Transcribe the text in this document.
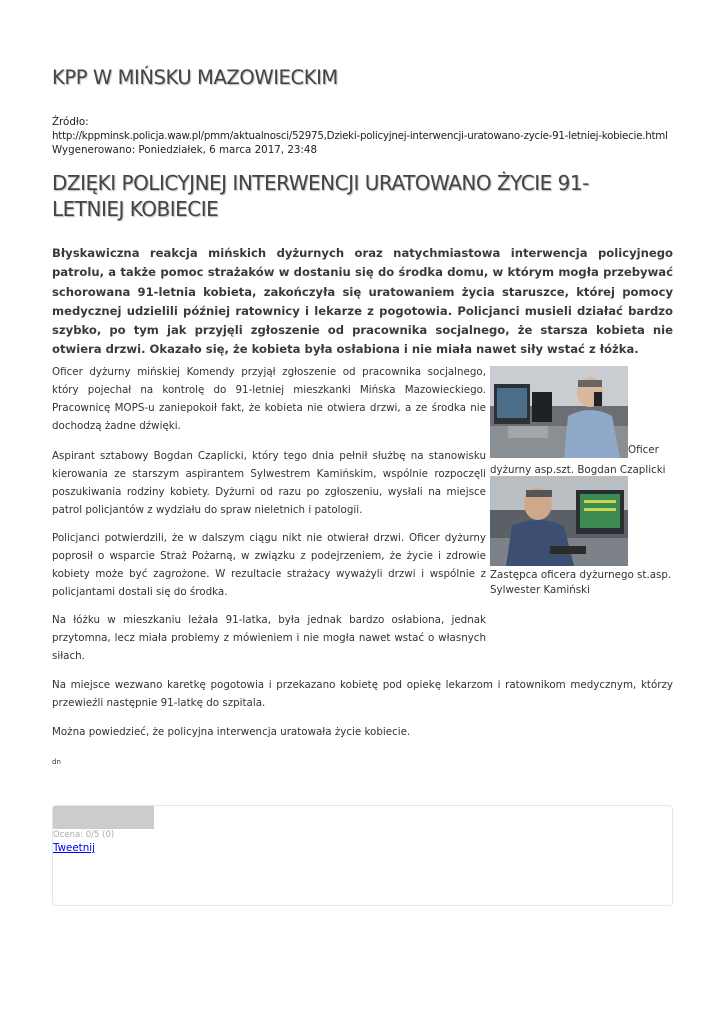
KPP W MIŃSKU MAZOWIECKIM
Źródło:
http://kppminsk.policja.waw.pl/pmm/aktualnosci/52975,Dzieki-policyjnej-interwencji-uratowano-zycie-91-letniej-kobiecie.html
Wygenerowano: Poniedziałek, 6 marca 2017, 23:48
DZIĘKI POLICYJNEJ INTERWENCJI URATOWANO ŻYCIE 91-LETNIEJ KOBIECIE

Błyskawiczna reakcja mińskich dyżurnych oraz natychmiastowa interwencja policyjnego patrolu, a także pomoc strażaków w dostaniu się do środka domu, w którym mogła przebywać schorowana 91-letnia kobieta, zakończyła się uratowaniem życia staruszce, której pomocy medycznej udzielili później ratownicy i lekarze z pogotowia. Policjanci musieli działać bardzo szybko, po tym jak przyjęli zgłoszenie od pracownika socjalnego, że starsza kobieta nie otwiera drzwi. Okazało się, że kobieta była osłabiona i nie miała nawet siły wstać z łóżka.

Oficer dyżurny mińskiej Komendy przyjął zgłoszenie od pracownika socjalnego, który pojechał na kontrolę do 91-letniej mieszkanki Mińska Mazowieckiego. Pracownicę MOPS-u zaniepokoił fakt, że kobieta nie otwiera drzwi, a ze środka nie dochodzą żadne dźwięki.

Aspirant sztabowy Bogdan Czaplicki, który tego dnia pełnił służbę na stanowisku kierowania ze starszym aspirantem Sylwestrem Kamińskim, wspólnie rozpoczęli poszukiwania rodziny kobiety. Dyżurni od razu po zgłoszeniu, wysłali na miejsce patrol policjantów z wydziału do spraw nieletnich i patologii.

Policjanci potwierdzili, że w dalszym ciągu nikt nie otwierał drzwi. Oficer dyżurny poprosił o wsparcie Straż Pożarną, w związku z podejrzeniem, że życie i zdrowie kobiety może być zagrożone. W rezultacie strażacy wyważyli drzwi i wspólnie z policjantami dostali się do środka.

Na łóżku w mieszkaniu leżała 91-latka, była jednak bardzo osłabiona, jednak przytomna, lecz miała problemy z mówieniem i nie mogła nawet wstać o własnych siłach.

Na miejsce wezwano karetkę pogotowia i przekazano kobietę pod opiekę lekarzom i ratownikom medycznym, którzy przewieźli następnie 91-latkę do szpitala.

Można powiedzieć, że policyjna interwencja uratowała życie kobiecie.

Oficer dyżurny asp.szt. Bogdan Czaplicki
Zastępca oficera dyżurnego st.asp. Sylwester Kamiński
dn
Ocena: 0/5 (0)
Tweetnij
